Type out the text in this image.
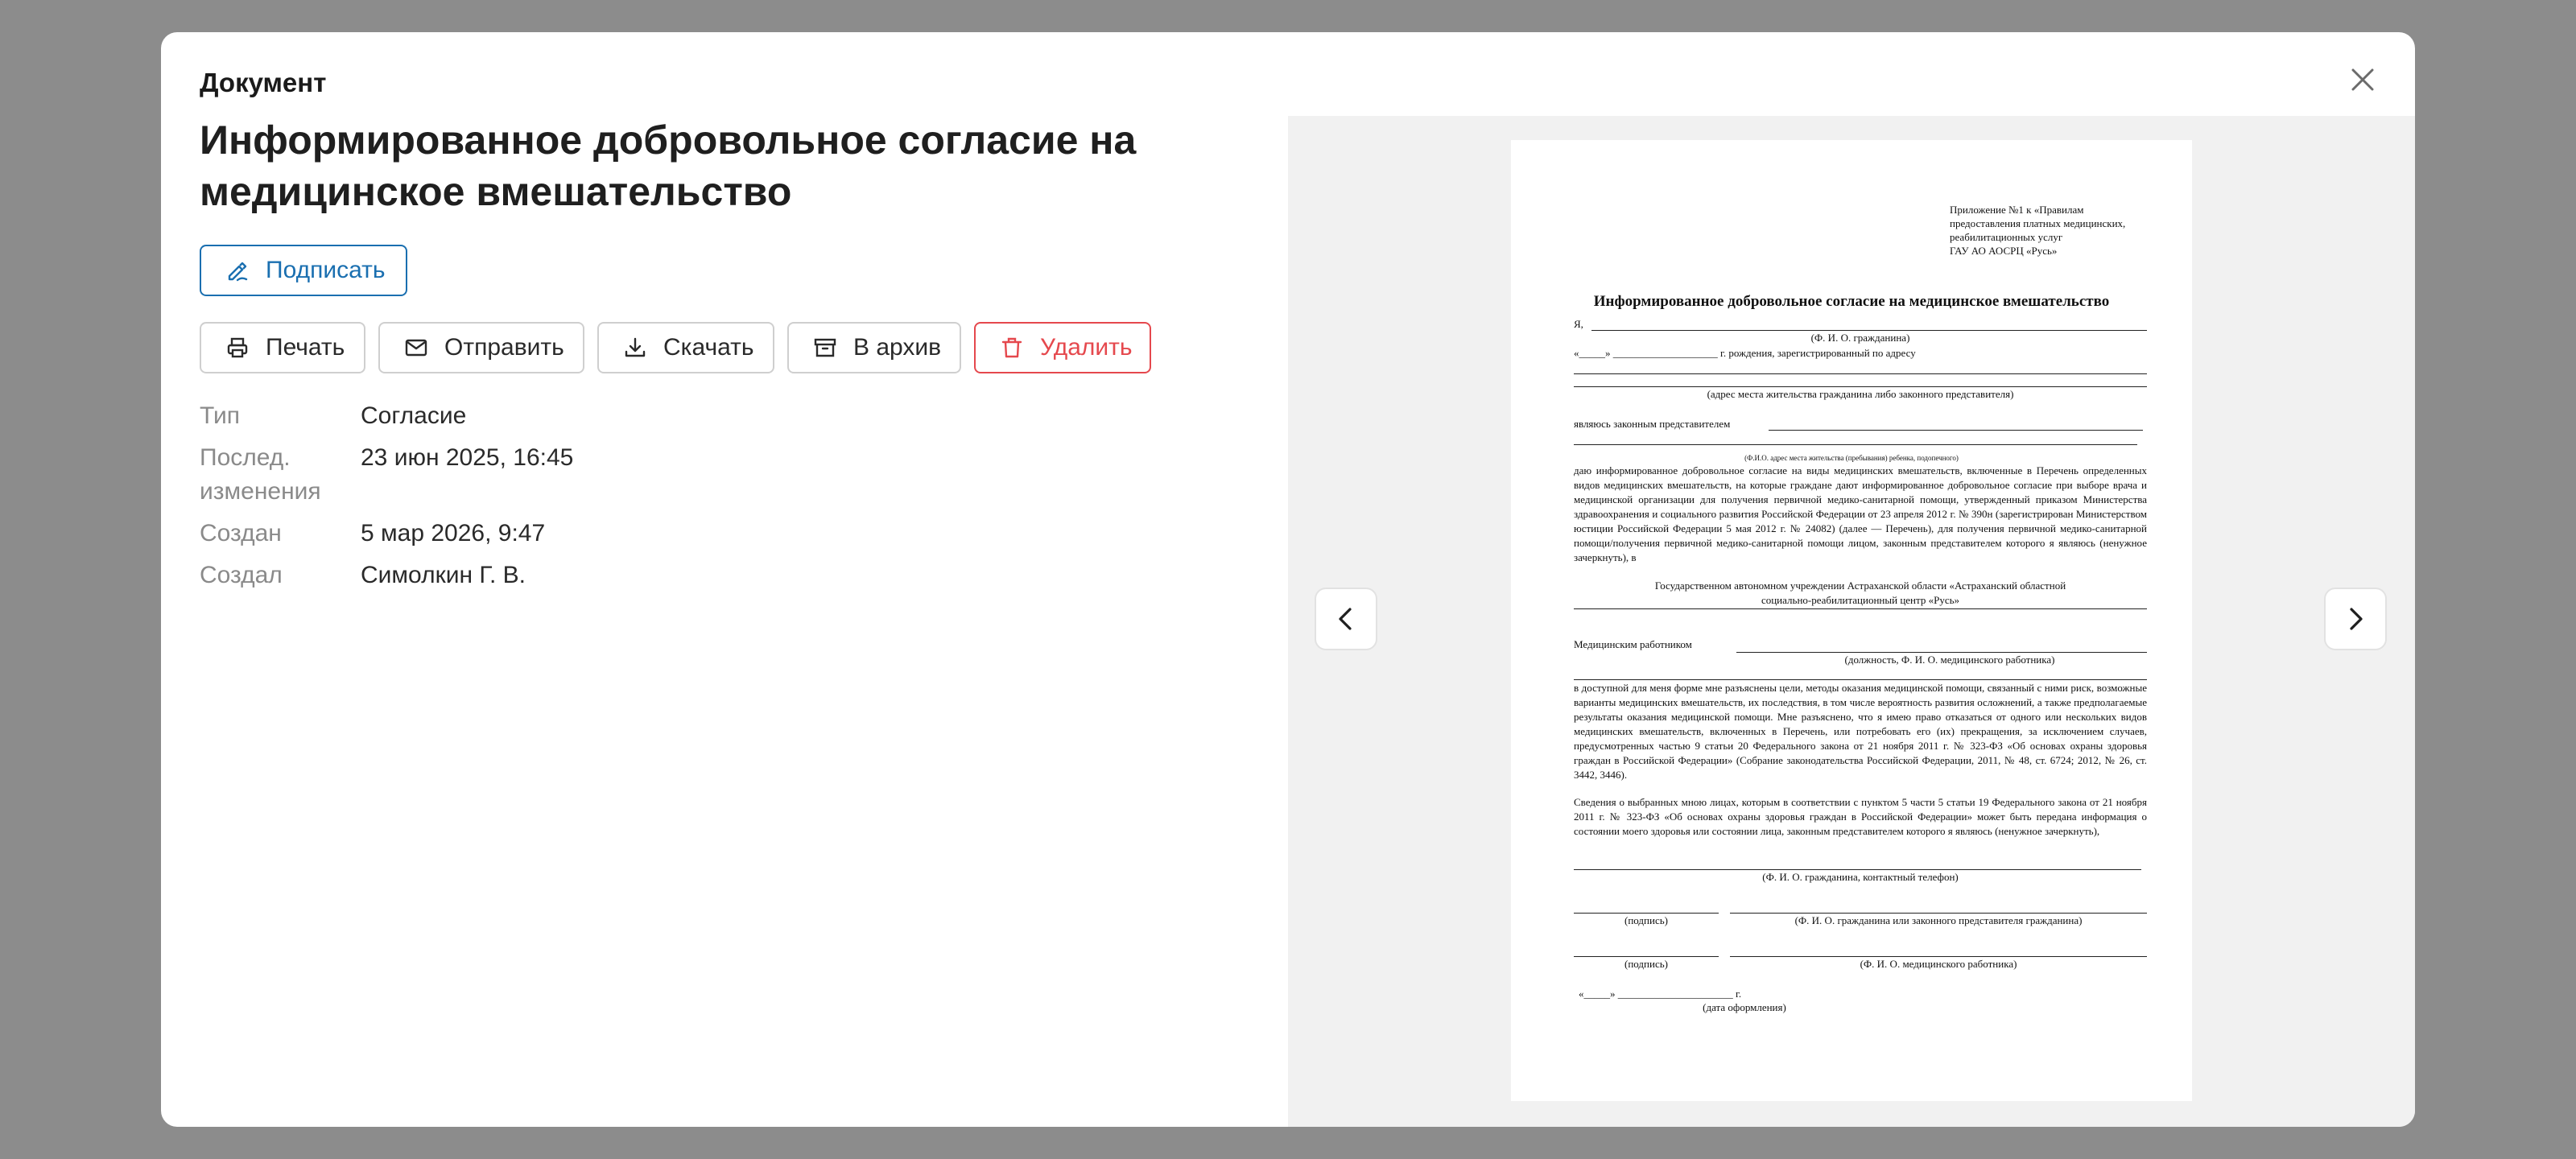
Документ
Информированное добровольное согласие на медицинское вмешательство
Подписать
Печать	Отправить	Скачать	В архив	Удалить
Тип	Согласие
Послед. изменения
23 июн 2025, 16:45
Создан	5 мар 2026, 9:47
Создал	Симолкин Г. В.
Приложение №1 к «Правилам
предоставления платных медицинских,
реабилитационных услуг
ГАУ АО АОСРЦ «Русь»
Информированное добровольное согласие на медицинское вмешательство
Я,
(Ф. И. О. гражданина)
«_____» ____________________ г. рождения, зарегистрированный по адресу
(адрес места жительства гражданина либо законного представителя)
являюсь законным представителем
(Ф.И.О. адрес места жительства (пребывания) ребенка, подопечного)
даю информированное добровольное согласие на виды медицинских вмешательств, включенные в Перечень определенных видов медицинских вмешательств, на которые граждане дают информированное добровольное согласие при выборе врача и медицинской организации для получения первичной медико-санитарной помощи, утвержденный приказом Министерства здравоохранения и социального развития Российской Федерации от 23 апреля 2012 г. № 390н (зарегистрирован Министерством юстиции Российской Федерации 5 мая 2012 г. № 24082) (далее — Перечень), для получения первичной медико-санитарной помощи/получения первичной медико-санитарной помощи лицом, законным представителем которого я являюсь (ненужное зачеркнуть), в
Государственном автономном учреждении Астраханской области «Астраханский областной
социально-реабилитационный центр «Русь»
Медицинским работником
(должность, Ф. И. О. медицинского работника)
в доступной для меня форме мне разъяснены цели, методы оказания медицинской помощи, связанный с ними риск, возможные варианты медицинских вмешательств, их последствия, в том числе вероятность развития осложнений, а также предполагаемые результаты оказания медицинской помощи. Мне разъяснено, что я имею право отказаться от одного или нескольких видов медицинских вмешательств, включенных в Перечень, или потребовать его (их) прекращения, за исключением случаев, предусмотренных частью 9 статьи 20 Федерального закона от 21 ноября 2011 г. № 323-ФЗ «Об основах охраны здоровья граждан в Российской Федерации» (Собрание законодательства Российской Федерации, 2011, № 48, ст. 6724; 2012, № 26, ст. 3442, 3446).
Сведения о выбранных мною лицах, которым в соответствии с пунктом 5 части 5 статьи 19 Федерального закона от 21 ноября 2011 г. № 323-ФЗ «Об основах охраны здоровья граждан в Российской Федерации» может быть передана информация о состоянии моего здоровья или состоянии лица, законным представителем которого я являюсь (ненужное зачеркнуть),
(Ф. И. О. гражданина, контактный телефон)
(подпись)	(Ф. И. О. гражданина или законного представителя гражданина)
(подпись)	(Ф. И. О. медицинского работника)
«_____» ______________________ г.
(дата оформления)
